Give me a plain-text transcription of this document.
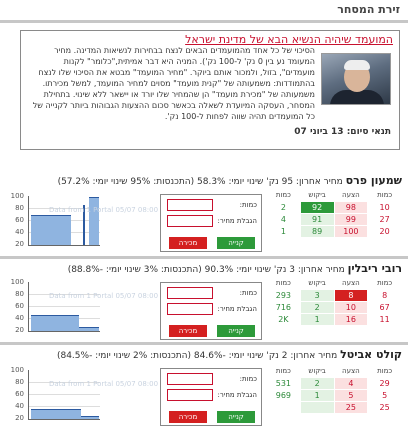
זירת המסחר
המועמד שיהיה הנשיא הבא של מדינת ישראל
הסיכוי של כל אחד מהמועמדים הבאים לנצח בבחירות לנשיאות המדינה. מחיר המעומד נע בין 0 נק' ל-100 נק'). המניה היא דבר אמיתית,"כלומר" לקנות מועמדים", בזול, ולמכור אותם ביוקר. "מחיר המועמד" מבטא את הסיכוי שלו לנצח בהתמודדות: משמעותה של "קנית מועמד" מסוים למחיר המועמד, למשל מכירתו. משמעותה של "מכירת מועמד" הן שהמחיר שלו יורד או יישאר ללא שינוי. בתחילת המסחר, העסקה המיועדת לשאלה בכאשר סכום ההצעות הגבוהות ביותר לקנייה של כל המועמדים תהיה שווה לפחות ל-100 נק'.
תנאי סיום: 13 ביוני 07
שמעון פרס מחיר אחרון: 95 נק' שינוי יומי: 58.3% (התכנסות: 95% שינוי יומי: 57.2%)
100
80
60
40
20
Data from 1 Portal 05/07 08:00
כמות:
הגבלת מחיר:
מכירה	קנייה
כמות	ביקוש	הצעה	כמות
2	92	98	10
4	91	99	27
1	89	100	20
רובי ריבלין מחיר אחרון: 3 נק' שינוי יומי: 90.3% (התכנסות: 3% שינוי יומי: -88.8%)
100
80
60
40
20
Data from 1 Portal 05/07 08:00	כמות:
הגבלת מחיר:
מכירה	קנייה
כמות	ביקוש	הצעה	כמות
293	3	8	8
716	2	10	67
2K	1	16	11
קולט אביטל מחיר אחרון: 2 נק' שינוי יומי: -84.6% (התכנסות: 2% שינוי יומי: -84.5%)
100
80
60
40
20
Data from 1 Portal 05/07 08:00
כמות:
הגבלת מחיר:
מכירה	קנייה
כמות	ביקוש	הצעה	כמות
531	2	4	29
969	1	5	5
		25	25
